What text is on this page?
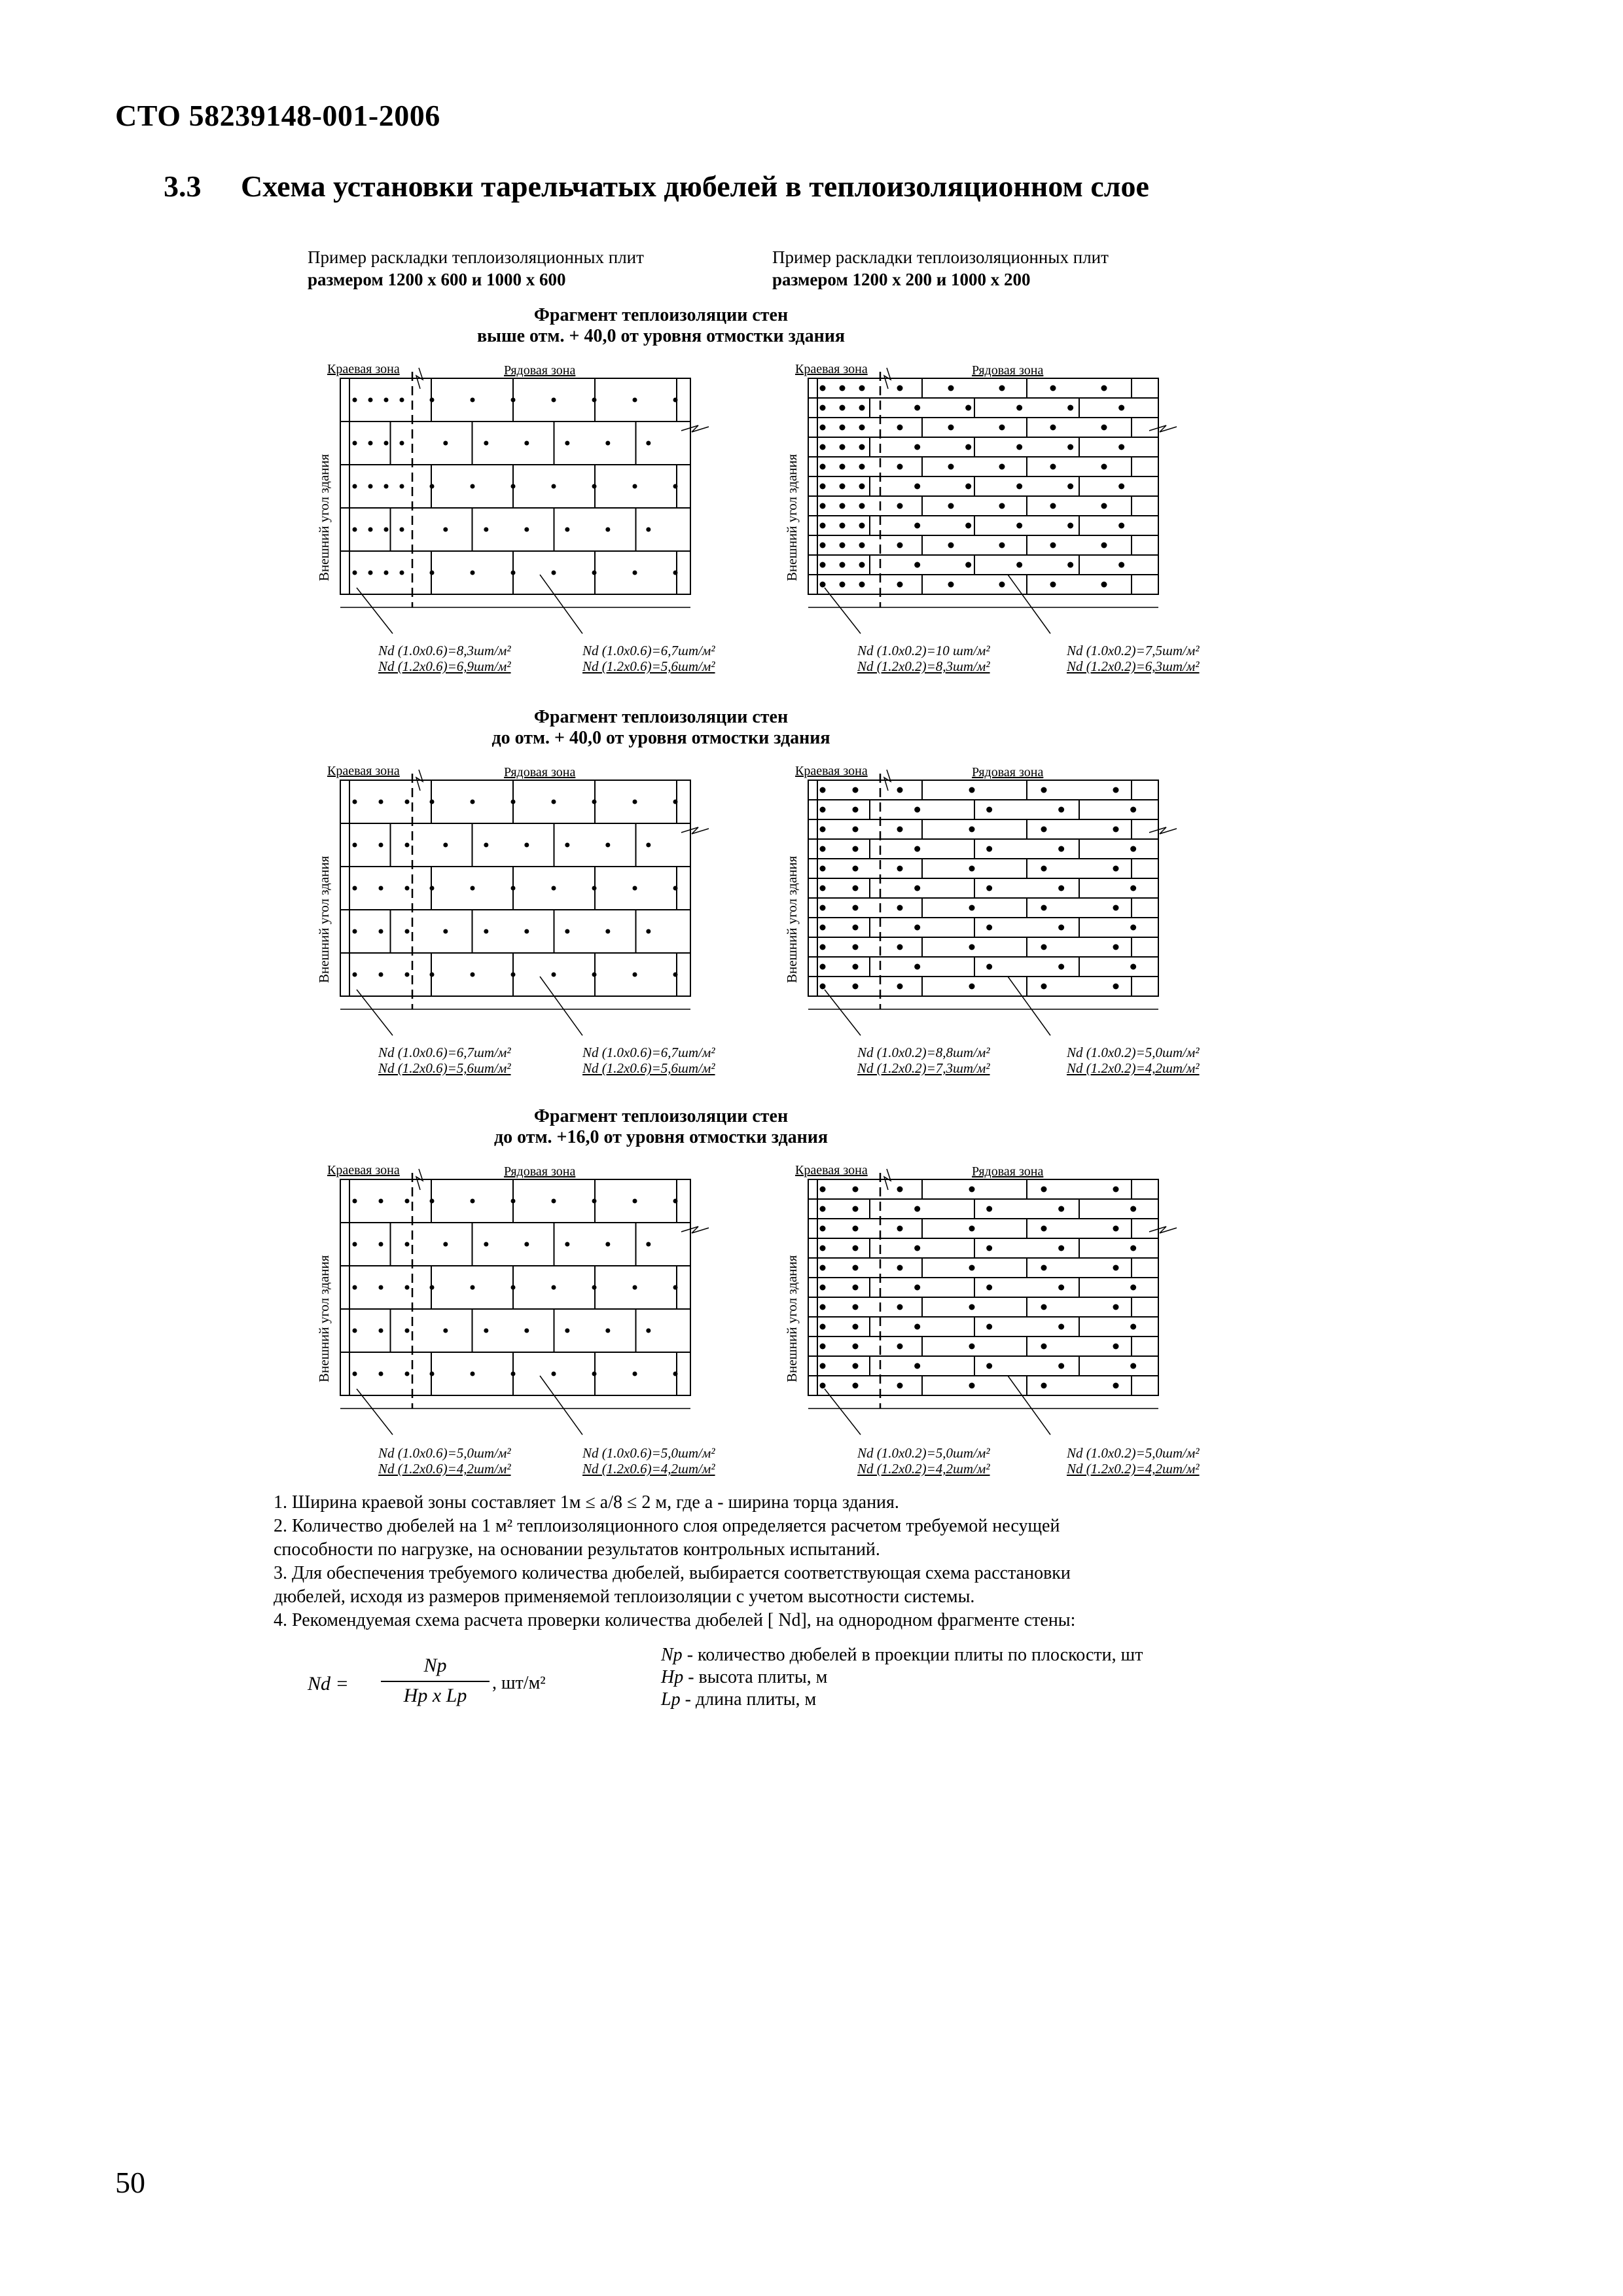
СТО 58239148-001-2006
3.3 Схема установки тарельчатых дюбелей в теплоизоляционном слое
Пример раскладки теплоизоляционных плит
размером 1200 х 600 и 1000 х 600
Пример раскладки теплоизоляционных плит
размером 1200 х 200 и 1000 х 200
Фрагмент теплоизоляции стен
выше отм. + 40,0 от уровня отмостки здания
Фрагмент теплоизоляции стен
до отм. + 40,0 от уровня отмостки здания
Фрагмент теплоизоляции стен
до отм. +16,0 от уровня отмостки здания
Краевая зона	Рядовая зона
Внешний угол здания
Краевая зона	Рядовая зона
Внешний угол здания
Краевая зона	Рядовая зона
Внешний угол здания
Краевая зона	Рядовая зона
Внешний угол здания
Краевая зона	Рядовая зона
Внешний угол здания
Краевая зона	Рядовая зона
Внешний угол здания
Nd (1.0х0.6)=8,3шт/м²
Nd (1.2х0.6)=6,9шт/м²
Nd (1.0х0.6)=6,7шт/м²
Nd (1.2х0.6)=5,6шт/м²
Nd (1.0х0.2)=10 шт/м²
Nd (1.2х0.2)=8,3шт/м²
Nd (1.0х0.2)=7,5шт/м²
Nd (1.2х0.2)=6,3шт/м²
Nd (1.0х0.6)=6,7шт/м²
Nd (1.2х0.6)=5,6шт/м²
Nd (1.0х0.6)=6,7шт/м²
Nd (1.2х0.6)=5,6шт/м²
Nd (1.0х0.2)=8,8шт/м²
Nd (1.2х0.2)=7,3шт/м²
Nd (1.0х0.2)=5,0шт/м²
Nd (1.2х0.2)=4,2шт/м²
Nd (1.0х0.6)=5,0шт/м²
Nd (1.2х0.6)=4,2шт/м²
Nd (1.0х0.6)=5,0шт/м²
Nd (1.2х0.6)=4,2шт/м²
Nd (1.0х0.2)=5,0шт/м²
Nd (1.2х0.2)=4,2шт/м²
Nd (1.0х0.2)=5,0шт/м²
Nd (1.2х0.2)=4,2шт/м²
1. Ширина краевой зоны составляет 1м ≤ а/8 ≤ 2 м, где а - ширина торца здания.
2. Количество дюбелей на 1 м² теплоизоляционного слоя определяется расчетом требуемой несущей
способности по нагрузке, на основании результатов контрольных испытаний.
3. Для обеспечения требуемого количества дюбелей, выбирается соответствующая схема расстановки
дюбелей, исходя из размеров применяемой теплоизоляции с учетом высотности системы.
4. Рекомендуемая схема расчета проверки количества дюбелей [ Nd], на однородном фрагменте стены:
Nd =
Np
Hp x Lp
, шт/м²
Np - количество дюбелей в проекции плиты по плоскости, шт
Hp - высота плиты, м
Lp - длина плиты, м
50
